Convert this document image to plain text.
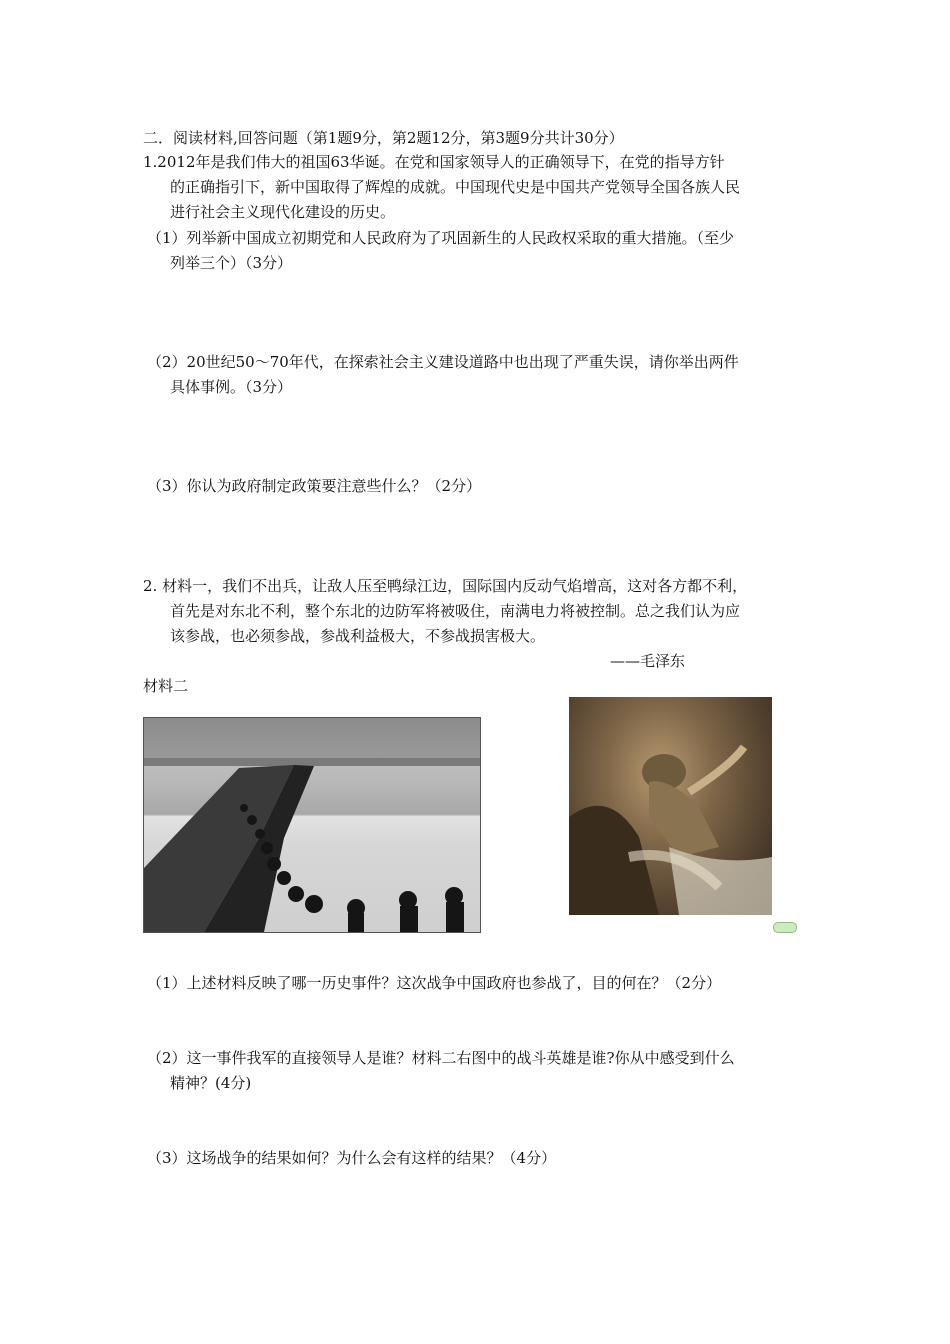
二．阅读材料,回答问题（第1题9分，第2题12分，第3题9分共计30分）
1.2012年是我们伟大的祖国63华诞。在党和国家领导人的正确领导下，在党的指导方针
的正确指引下，新中国取得了辉煌的成就。中国现代史是中国共产党领导全国各族人民
进行社会主义现代化建设的历史。
（1）列举新中国成立初期党和人民政府为了巩固新生的人民政权采取的重大措施。（至少
列举三个）（3分）
（2）20世纪50～70年代，在探索社会主义建设道路中也出现了严重失误，请你举出两件
具体事例。（3分）
（3）你认为政府制定政策要注意些什么？（2分）
2. 材料一，我们不出兵，让敌人压至鸭绿江边，国际国内反动气焰增高，这对各方都不利，
首先是对东北不利，整个东北的边防军将被吸住，南满电力将被控制。总之我们认为应
该参战，也必须参战，参战利益极大，不参战损害极大。
——毛泽东
材料二
（1）上述材料反映了哪一历史事件？这次战争中国政府也参战了，目的何在？（2分）
（2）这一事件我军的直接领导人是谁？材料二右图中的战斗英雄是谁?你从中感受到什么
精神？(4分)
（3）这场战争的结果如何？为什么会有这样的结果？（4分）
